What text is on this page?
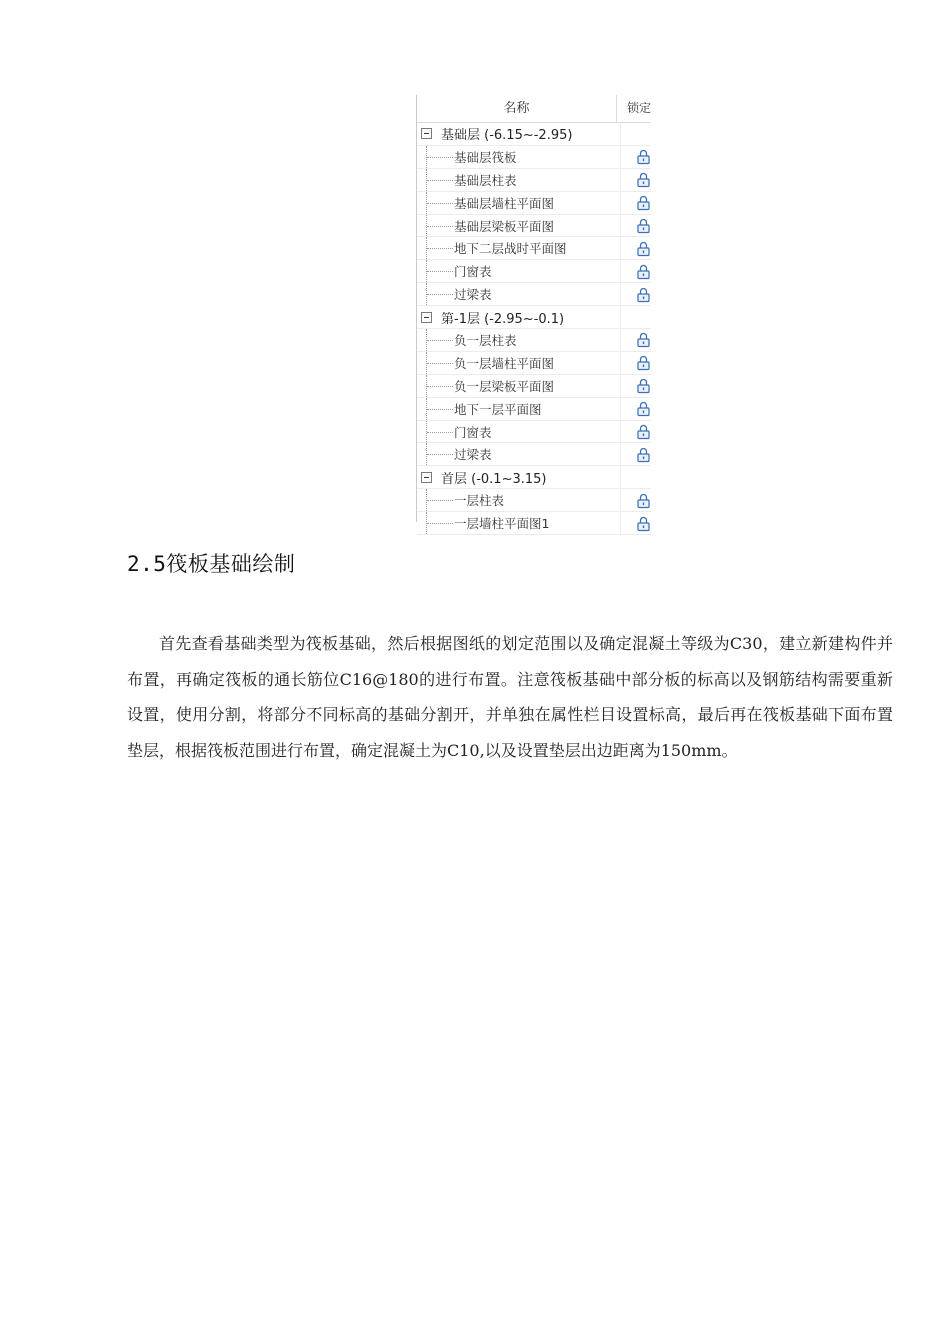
名称	锁定
基础层 (-6.15~-2.95)
基础层筏板
基础层柱表
基础层墙柱平面图
基础层梁板平面图
地下二层战时平面图
门窗表
过梁表
第-1层 (-2.95~-0.1)
负一层柱表
负一层墙柱平面图
负一层梁板平面图
地下一层平面图
门窗表
过梁表
首层 (-0.1~3.15)
一层柱表
一层墙柱平面图1
2.5筏板基础绘制
首先查看基础类型为筏板基础，然后根据图纸的划定范围以及确定混凝土等级为C30，建立新建构件并布置，再确定筏板的通长筋位C16@180的进行布置。注意筏板基础中部分板的标高以及钢筋结构需要重新设置，使用分割，将部分不同标高的基础分割开，并单独在属性栏目设置标高，最后再在筏板基础下面布置垫层，根据筏板范围进行布置，确定混凝土为C10,以及设置垫层出边距离为150mm。
